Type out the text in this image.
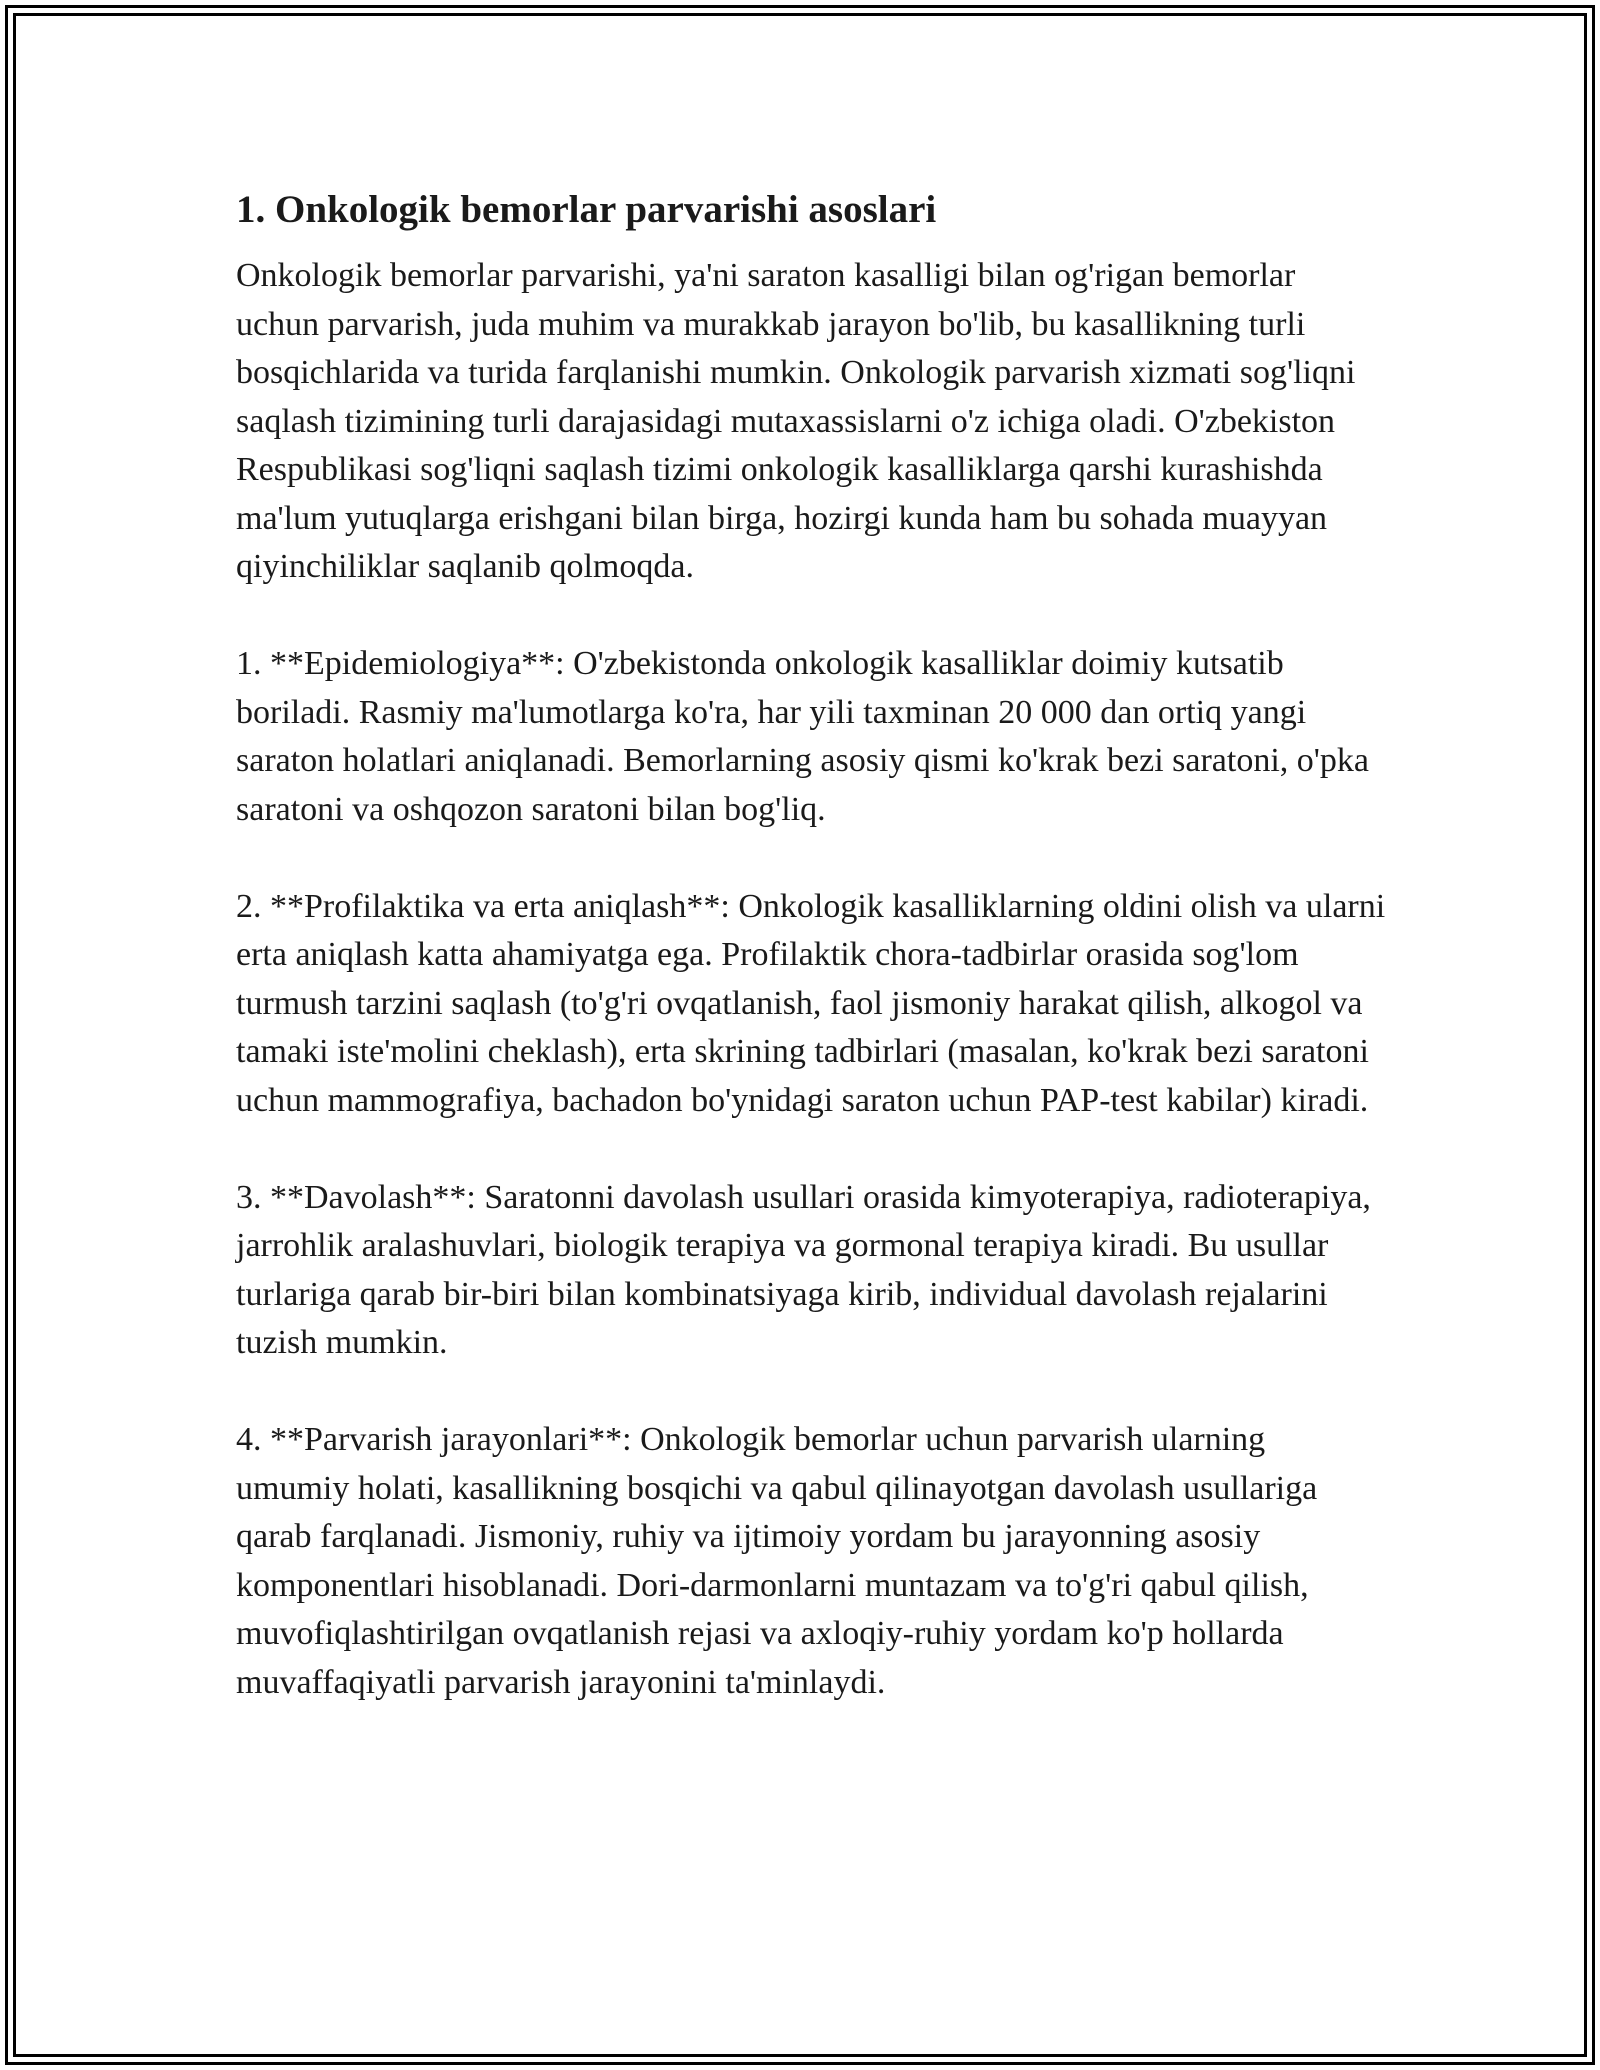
1. Onkologik bemorlar parvarishi asoslari

Onkologik bemorlar parvarishi, ya'ni saraton kasalligi bilan og'rigan bemorlar uchun parvarish, juda muhim va murakkab jarayon bo'lib, bu kasallikning turli bosqichlarida va turida farqlanishi mumkin. Onkologik parvarish xizmati sog'liqni saqlash tizimining turli darajasidagi mutaxassislarni o'z ichiga oladi. O'zbekiston Respublikasi sog'liqni saqlash tizimi onkologik kasalliklarga qarshi kurashishda ma'lum yutuqlarga erishgani bilan birga, hozirgi kunda ham bu sohada muayyan qiyinchiliklar saqlanib qolmoqda.

1. **Epidemiologiya**: O'zbekistonda onkologik kasalliklar doimiy kutsatib boriladi. Rasmiy ma'lumotlarga ko'ra, har yili taxminan 20 000 dan ortiq yangi saraton holatlari aniqlanadi. Bemorlarning asosiy qismi ko'krak bezi saratoni, o'pka saratoni va oshqozon saratoni bilan bog'liq.

2. **Profilaktika va erta aniqlash**: Onkologik kasalliklarning oldini olish va ularni erta aniqlash katta ahamiyatga ega. Profilaktik chora-tadbirlar orasida sog'lom turmush tarzini saqlash (to'g'ri ovqatlanish, faol jismoniy harakat qilish, alkogol va tamaki iste'molini cheklash), erta skrining tadbirlari (masalan, ko'krak bezi saratoni uchun mammografiya, bachadon bo'ynidagi saraton uchun PAP-test kabilar) kiradi.

3. **Davolash**: Saratonni davolash usullari orasida kimyoterapiya, radioterapiya, jarrohlik aralashuvlari, biologik terapiya va gormonal terapiya kiradi. Bu usullar turlariga qarab bir-biri bilan kombinatsiyaga kirib, individual davolash rejalarini tuzish mumkin.

4. **Parvarish jarayonlari**: Onkologik bemorlar uchun parvarish ularning umumiy holati, kasallikning bosqichi va qabul qilinayotgan davolash usullariga qarab farqlanadi. Jismoniy, ruhiy va ijtimoiy yordam bu jarayonning asosiy komponentlari hisoblanadi. Dori-darmonlarni muntazam va to'g'ri qabul qilish, muvofiqlashtirilgan ovqatlanish rejasi va axloqiy-ruhiy yordam ko'p hollarda muvaffaqiyatli parvarish jarayonini ta'minlaydi.
